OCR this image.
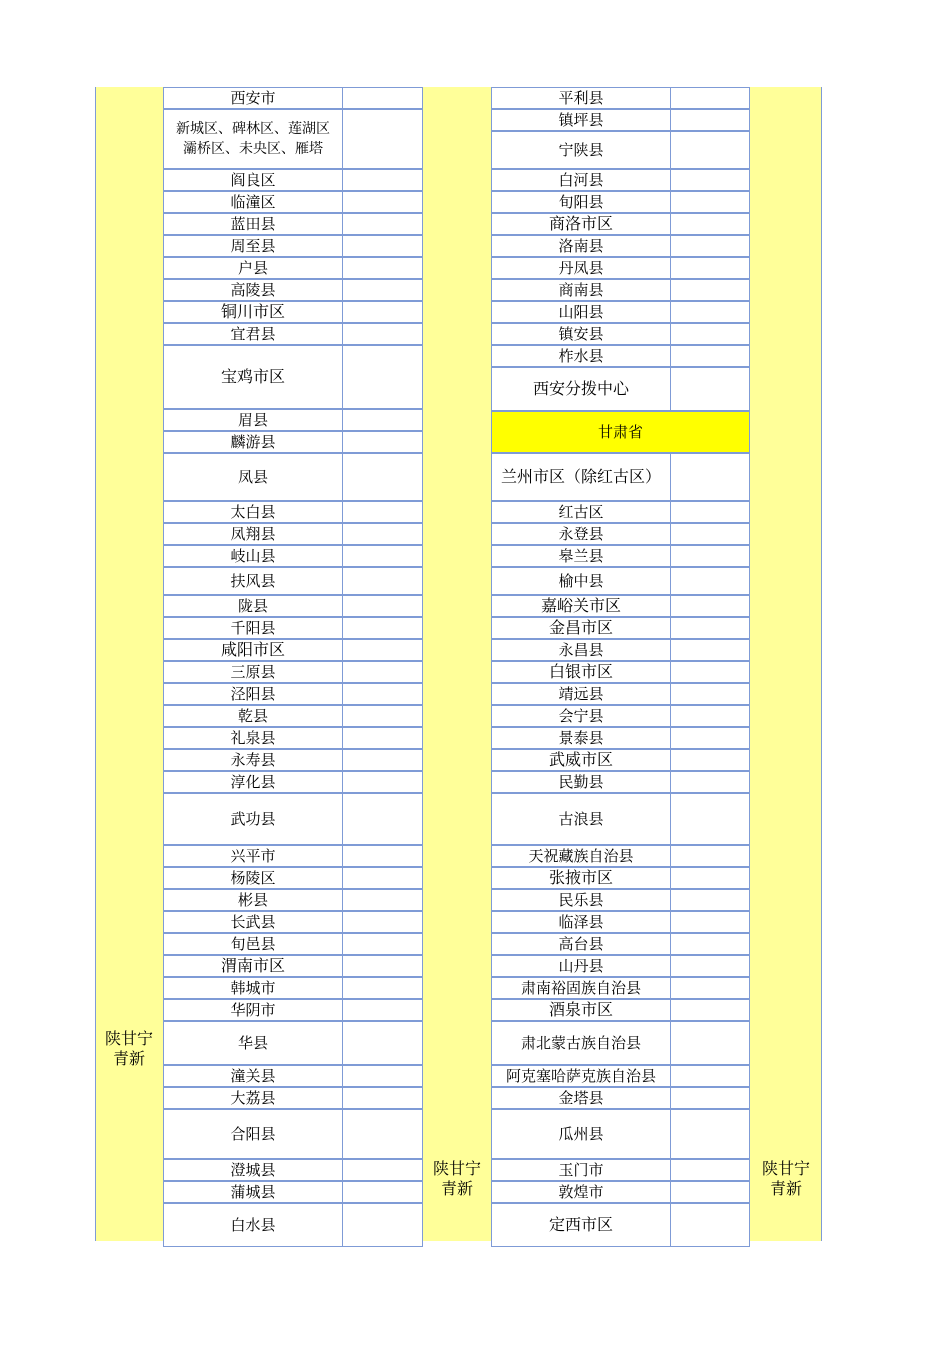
陕甘宁
青新
陕甘宁
青新
陕甘宁
青新
西安市
新城区、碑林区、莲湖区
灞桥区、未央区、雁塔
阎良区
临潼区
蓝田县
周至县
户县
高陵县
铜川市区
宜君县
宝鸡市区
眉县
麟游县
凤县
太白县
凤翔县
岐山县
扶风县
陇县
千阳县
咸阳市区
三原县
泾阳县
乾县
礼泉县
永寿县
淳化县
武功县
兴平市
杨陵区
彬县
长武县
旬邑县
渭南市区
韩城市
华阴市
华县
潼关县
大荔县
合阳县
澄城县
蒲城县
白水县
平利县
镇坪县
宁陕县
白河县
旬阳县
商洛市区
洛南县
丹凤县
商南县
山阳县
镇安县
柞水县
西安分拨中心
甘肃省
兰州市区（除红古区）
红古区
永登县
皋兰县
榆中县
嘉峪关市区
金昌市区
永昌县
白银市区
靖远县
会宁县
景泰县
武威市区
民勤县
古浪县
天祝藏族自治县
张掖市区
民乐县
临泽县
高台县
山丹县
肃南裕固族自治县
酒泉市区
肃北蒙古族自治县
阿克塞哈萨克族自治县
金塔县
瓜州县
玉门市
敦煌市
定西市区
